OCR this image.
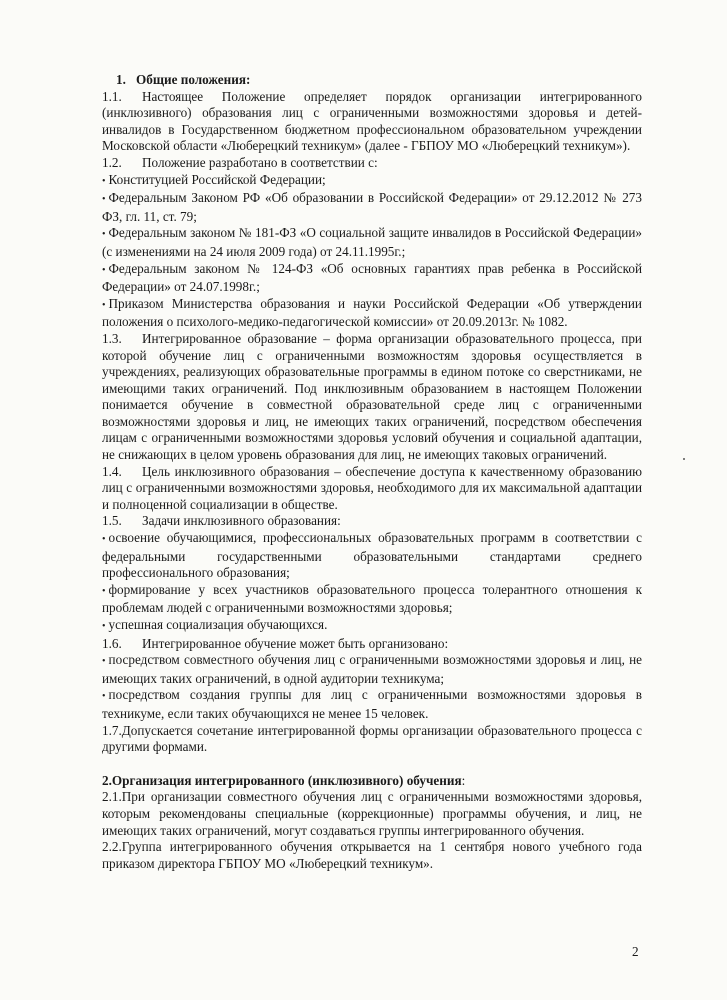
1. Общие положения:

1.1. Настоящее Положение определяет порядок организации интегрированного (инклюзивного) образования лиц с ограниченными возможностями здоровья и детей-инвалидов в Государственном бюджетном профессиональном образовательном учреждении Московской области «Люберецкий техникум» (далее - ГБПОУ МО «Люберецкий техникум»).

1.2. Положение разработано в соответствии с:

• Конституцией Российской Федерации;

• Федеральным Законом РФ «Об образовании в Российской Федерации» от 29.12.2012 № 273 ФЗ, гл. 11, ст. 79;

• Федеральным законом № 181-ФЗ «О социальной защите инвалидов в Российской Федерации» (с изменениями на 24 июля 2009 года) от 24.11.1995г.;

• Федеральным законом № 124-ФЗ «Об основных гарантиях прав ребенка в Российской Федерации» от 24.07.1998г.;

• Приказом Министерства образования и науки Российской Федерации «Об утверждении положения о психолого-медико-педагогической комиссии» от 20.09.2013г. № 1082.

1.3. Интегрированное образование – форма организации образовательного процесса, при которой обучение лиц с ограниченными возможностям здоровья осуществляется в учреждениях, реализующих образовательные программы в едином потоке со сверстниками, не имеющими таких ограничений. Под инклюзивным образованием в настоящем Положении понимается обучение в совместной образовательной среде лиц с ограниченными возможностями здоровья и лиц, не имеющих таких ограничений, посредством обеспечения лицам с ограниченными возможностями здоровья условий обучения и социальной адаптации, не снижающих в целом уровень образования для лиц, не имеющих таковых ограничений.

1.4. Цель инклюзивного образования – обеспечение доступа к качественному образованию лиц с ограниченными возможностями здоровья, необходимого для их максимальной адаптации и полноценной социализации в обществе.

1.5. Задачи инклюзивного образования:

• освоение обучающимися, профессиональных образовательных программ в соответствии с федеральными государственными образовательными стандартами среднего профессионального образования;

• формирование у всех участников образовательного процесса толерантного отношения к проблемам людей с ограниченными возможностями здоровья;

• успешная социализация обучающихся.

1.6. Интегрированное обучение может быть организовано:

• посредством совместного обучения лиц с ограниченными возможностями здоровья и лиц, не имеющих таких ограничений, в одной аудитории техникума;

• посредством создания группы для лиц с ограниченными возможностями здоровья в техникуме, если таких обучающихся не менее 15 человек.

1.7.Допускается сочетание интегрированной формы организации образовательного процесса с другими формами.

2.Организация интегрированного (инклюзивного) обучения:

2.1.При организации совместного обучения лиц с ограниченными возможностями здоровья, которым рекомендованы специальные (коррекционные) программы обучения, и лиц, не имеющих таких ограничений, могут создаваться группы интегрированного обучения.

2.2.Группа интегрированного обучения открывается на 1 сентября нового учебного года приказом директора ГБПОУ МО «Люберецкий техникум».

2
